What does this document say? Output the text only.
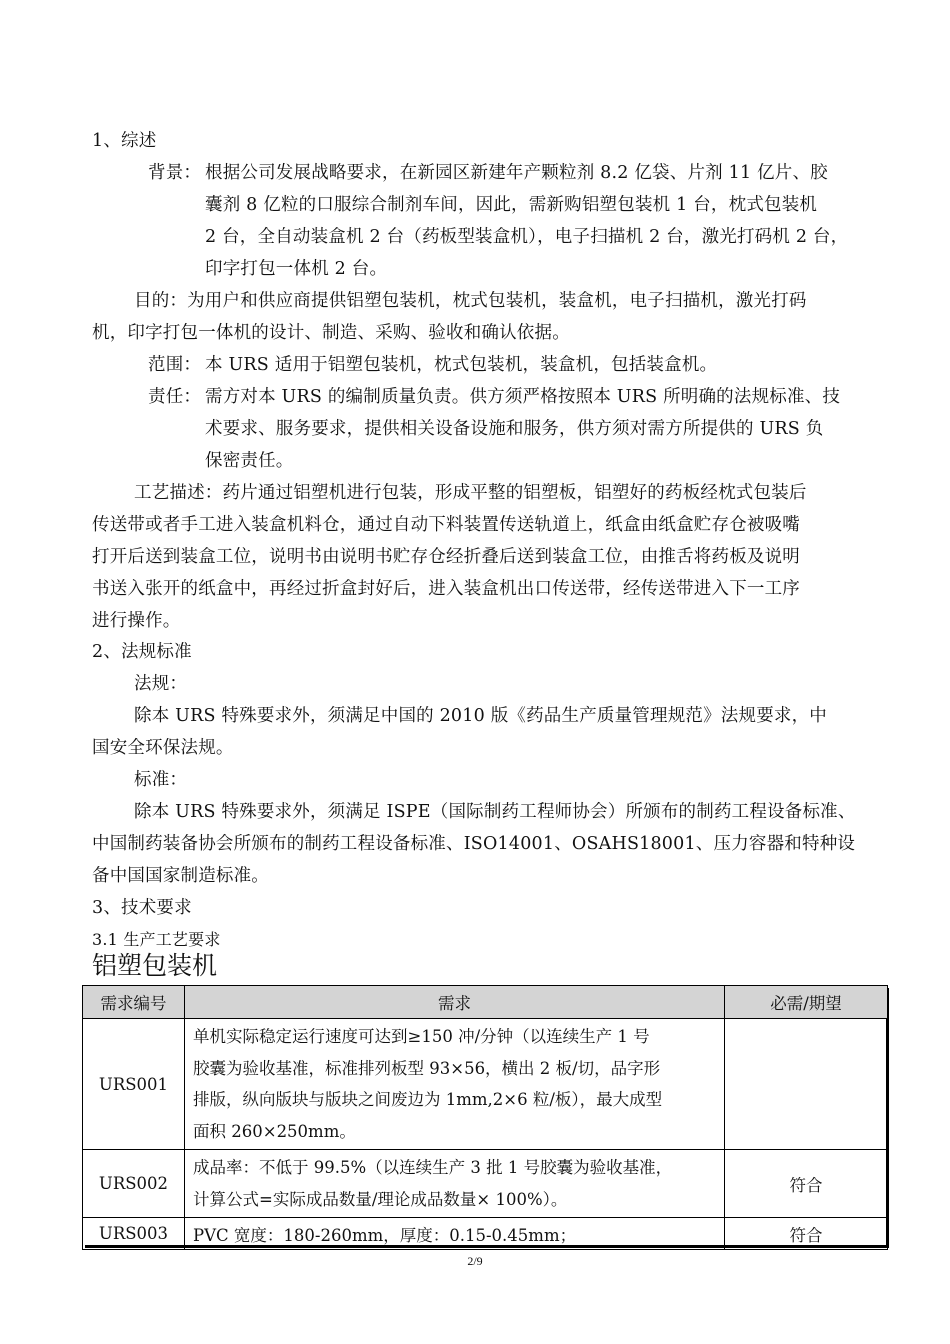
1、综述
背景： 根据公司发展战略要求，在新园区新建年产颗粒剂 8.2 亿袋、片剂 11 亿片、胶
囊剂 8 亿粒的口服综合制剂车间，因此，需新购铝塑包装机 1 台，枕式包装机
2 台，全自动装盒机 2 台（药板型装盒机），电子扫描机 2 台，激光打码机 2 台，
印字打包一体机 2 台。
目的：为用户和供应商提供铝塑包装机，枕式包装机，装盒机，电子扫描机，激光打码
机，印字打包一体机的设计、制造、采购、验收和确认依据。
范围： 本 URS 适用于铝塑包装机，枕式包装机，装盒机，包括装盒机。
责任： 需方对本 URS 的编制质量负责。供方须严格按照本 URS 所明确的法规标准、技
术要求、服务要求，提供相关设备设施和服务，供方须对需方所提供的 URS 负
保密责任。
工艺描述：药片通过铝塑机进行包装，形成平整的铝塑板，铝塑好的药板经枕式包装后
传送带或者手工进入装盒机料仓，通过自动下料装置传送轨道上，纸盒由纸盒贮存仓被吸嘴
打开后送到装盒工位，说明书由说明书贮存仓经折叠后送到装盒工位，由推舌将药板及说明
书送入张开的纸盒中，再经过折盒封好后，进入装盒机出口传送带，经传送带进入下一工序
进行操作。
2、法规标准
法规：
除本 URS 特殊要求外，须满足中国的 2010 版《药品生产质量管理规范》法规要求，中
国安全环保法规。
标准：
除本 URS 特殊要求外，须满足 ISPE（国际制药工程师协会）所颁布的制药工程设备标准、
中国制药装备协会所颁布的制药工程设备标准、ISO14001、OSAHS18001、压力容器和特种设
备中国国家制造标准。
3、技术要求
3.1 生产工艺要求
铝塑包装机
需求编号	需求	必需/期望
URS001	单机实际稳定运行速度可达到≥150 冲/分钟（以连续生产 1 号
胶囊为验收基准，标准排列板型 93×56，横出 2 板/切，品字形
排版，纵向版块与版块之间废边为 1mm,2×6 粒/板），最大成型
面积 260×250mm。	

URS002	成品率：不低于 99.5%（以连续生产 3 批 1 号胶囊为验收基准，
计算公式=实际成品数量/理论成品数量× 100%）。	符合
URS003	PVC 宽度：180-260mm，厚度：0.15-0.45mm；	符合
2/9
